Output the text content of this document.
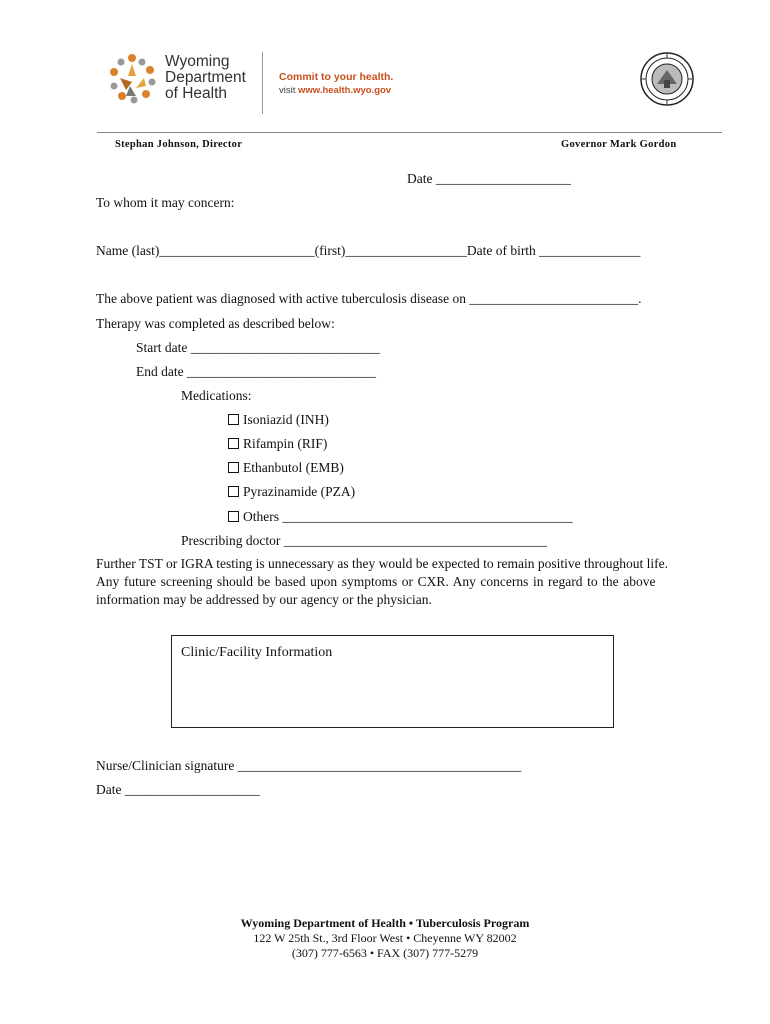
Wyoming
Department
of Health
Commit to your health.
visit www.health.wyo.gov
Stephan Johnson, Director	Governor Mark Gordon
Date ____________________
To whom it may concern:
Name (last)_______________________(first)__________________Date of birth _______________
The above patient was diagnosed with active tuberculosis disease on _________________________.
Therapy was completed as described below:
Start date ____________________________
End date ____________________________
Medications:
Isoniazid (INH)
Rifampin (RIF)
Ethanbutol (EMB)
Pyrazinamide (PZA)
Others ___________________________________________
Prescribing doctor _______________________________________
Further TST or IGRA testing is unnecessary as they would be expected to remain positive throughout life.
Any future screening should be based upon symptoms or CXR. Any concerns in regard to the above
information may be addressed by our agency or the physician.
Clinic/Facility Information
Nurse/Clinician signature __________________________________________
Date ____________________
Wyoming Department of Health • Tuberculosis Program
122 W 25th St., 3rd Floor West • Cheyenne WY 82002
(307) 777-6563 • FAX (307) 777-5279
